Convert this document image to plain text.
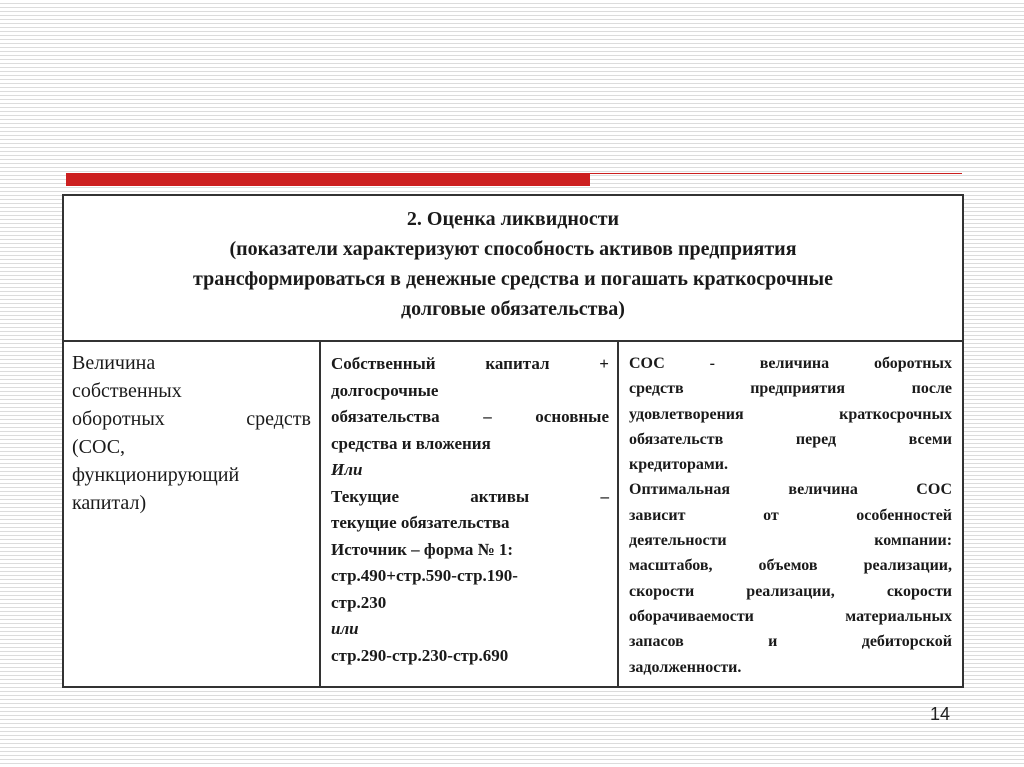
2. Оценка ликвидности
(показатели характеризуют способность активов предприятия
трансформироваться в денежные средства и погашать краткосрочные
долговые обязательства)

Величина
собственных
оборотных средств
(СОС,
функционирующий
капитал)

Собственный капитал +
долгосрочные
обязательства – основные
средства и вложения
Или
Текущие активы –
текущие обязательства
Источник – форма № 1:
стр.490+стр.590-стр.190-
стр.230
или
стр.290-стр.230-стр.690

СОС - величина оборотных
средств предприятия после
удовлетворения краткосрочных
обязательств перед всеми
кредиторами.
Оптимальная величина СОС
зависит от особенностей
деятельности компании:
масштабов, объемов реализации,
скорости реализации, скорости
оборачиваемости материальных
запасов и дебиторской
задолженности.
14
